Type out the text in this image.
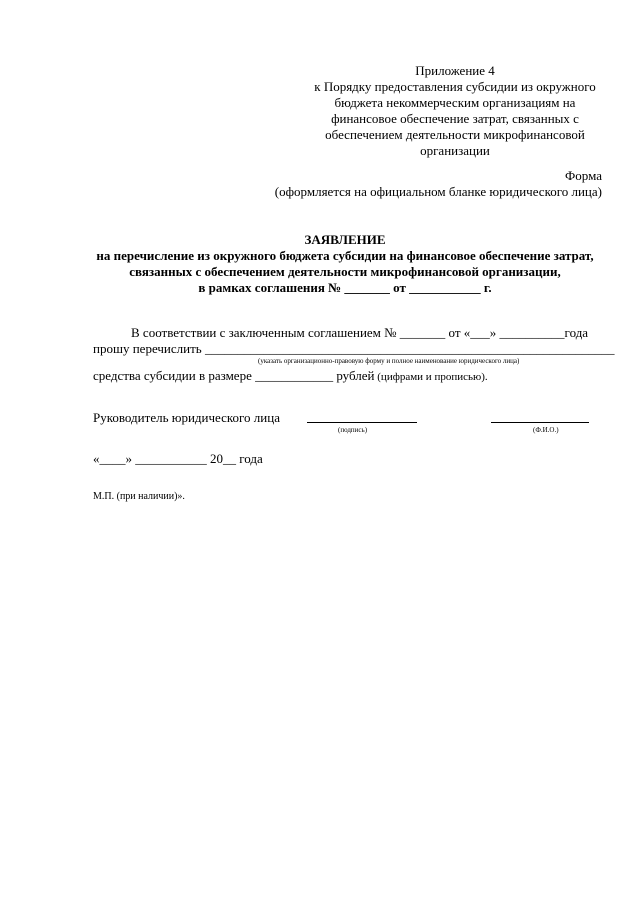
Приложение 4
к Порядку предоставления субсидии из окружного
бюджета некоммерческим организациям на
финансовое обеспечение затрат, связанных с
обеспечением деятельности микрофинансовой
организации
Форма
(оформляется на официальном бланке юридического лица)
ЗАЯВЛЕНИЕ
на перечисление из окружного бюджета субсидии на финансовое обеспечение затрат,
связанных с обеспечением деятельности микрофинансовой организации,
в рамках соглашения № _______ от ___________ г.
В соответствии с заключенным соглашением № _______ от «___» __________года
прошу перечислить _______________________________________________________________
(указать организационно-правовую форму и полное наименование юридического лица)
средства субсидии в размере ____________ рублей (цифрами и прописью).
Руководитель юридического лица
(подпись)	(Ф.И.О.)
«____» ___________ 20__ года
М.П. (при наличии)».
